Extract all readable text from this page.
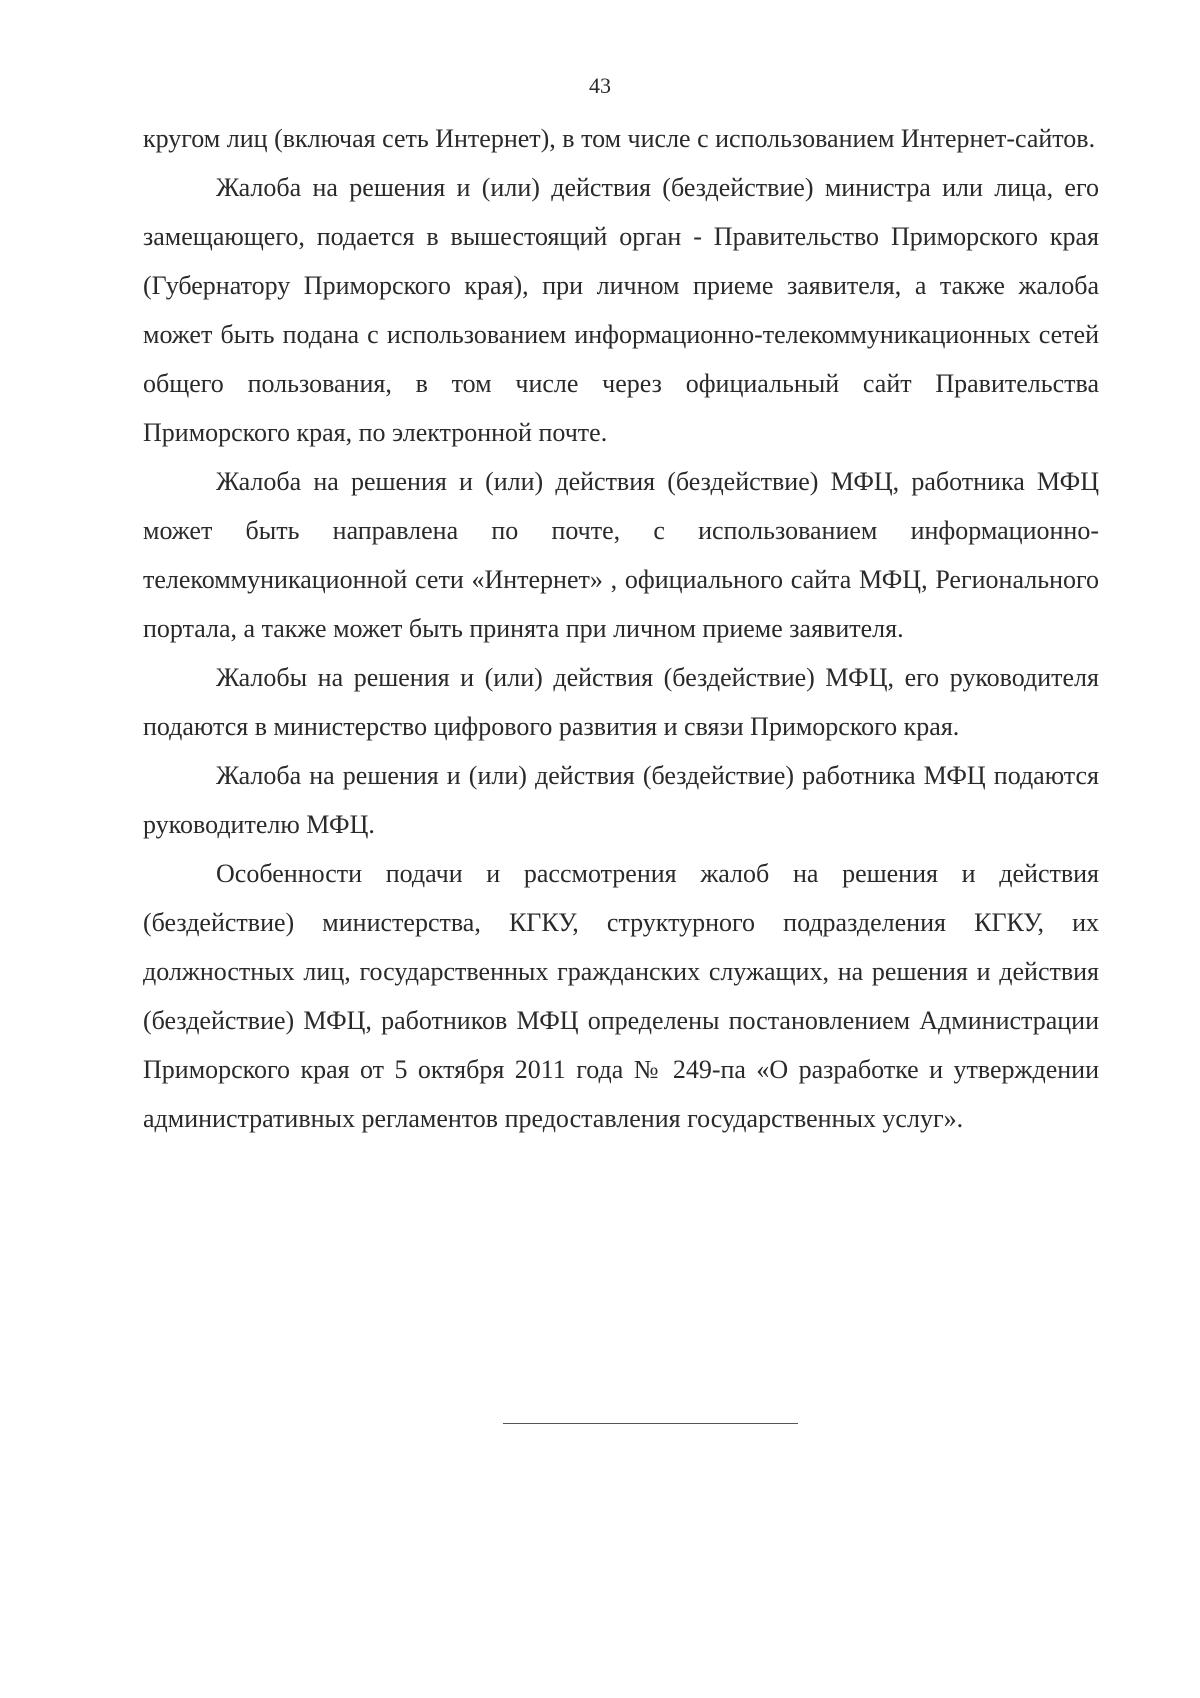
43

кругом лиц (включая сеть Интернет), в том числе с использованием Интернет-сайтов.

Жалоба на решения и (или) действия (бездействие) министра или лица, его замещающего, подается в вышестоящий орган - Правительство Приморского края (Губернатору Приморского края), при личном приеме заявителя, а также жалоба может быть подана с использованием информационно-телекоммуникационных сетей общего пользования, в том числе через официальный сайт Правительства Приморского края, по электронной почте.

Жалоба на решения и (или) действия (бездействие) МФЦ, работника МФЦ может быть направлена по почте, с использованием информационно-телекоммуникационной сети «Интернет» , официального сайта МФЦ, Регионального портала, а также может быть принята при личном приеме заявителя.

Жалобы на решения и (или) действия (бездействие) МФЦ, его руководителя подаются в министерство цифрового развития и связи Приморского края.

Жалоба на решения и (или) действия (бездействие) работника МФЦ подаются руководителю МФЦ.

Особенности подачи и рассмотрения жалоб на решения и действия (бездействие) министерства, КГКУ, структурного подразделения КГКУ, их должностных лиц, государственных гражданских служащих, на решения и действия (бездействие) МФЦ, работников МФЦ определены постановлением Администрации Приморского края от 5 октября 2011 года № 249-па «О разработке и утверждении административных регламентов предоставления государственных услуг».
